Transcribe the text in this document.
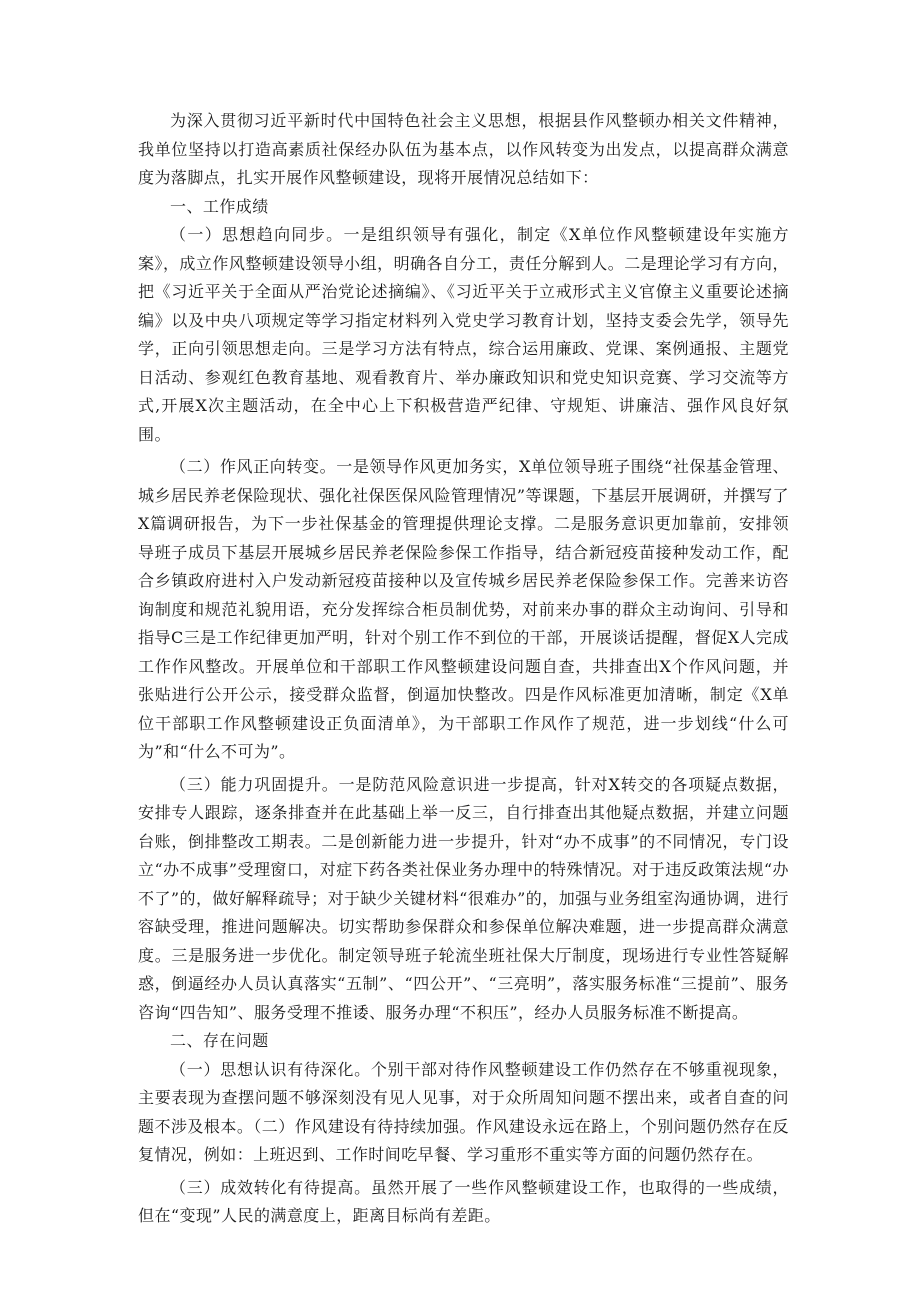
为深入贯彻习近平新时代中国特色社会主义思想，根据县作风整顿办相关文件精神，我单位坚持以打造高素质社保经办队伍为基本点，以作风转变为出发点，以提高群众满意度为落脚点，扎实开展作风整顿建设，现将开展情况总结如下：

一、工作成绩

（一）思想趋向同步。一是组织领导有强化，制定《X单位作风整顿建设年实施方案》，成立作风整顿建设领导小组，明确各自分工，责任分解到人。二是理论学习有方向，把《习近平关于全面从严治党论述摘编》、《习近平关于立戒形式主义官僚主义重要论述摘编》以及中央八项规定等学习指定材料列入党史学习教育计划，坚持支委会先学，领导先学，正向引领思想走向。三是学习方法有特点，综合运用廉政、党课、案例通报、主题党日活动、参观红色教育基地、观看教育片、举办廉政知识和党史知识竞赛、学习交流等方式,开展X次主题活动，在全中心上下积极营造严纪律、守规矩、讲廉洁、强作风良好氛围。

（二）作风正向转变。一是领导作风更加务实，X单位领导班子围绕“社保基金管理、城乡居民养老保险现状、强化社保医保风险管理情况”等课题，下基层开展调研，并撰写了X篇调研报告，为下一步社保基金的管理提供理论支撑。二是服务意识更加靠前，安排领导班子成员下基层开展城乡居民养老保险参保工作指导，结合新冠疫苗接种发动工作，配合乡镇政府进村入户发动新冠疫苗接种以及宣传城乡居民养老保险参保工作。完善来访咨询制度和规范礼貌用语，充分发挥综合柜员制优势，对前来办事的群众主动询问、引导和指导C三是工作纪律更加严明，针对个别工作不到位的干部，开展谈话提醒，督促X人完成工作作风整改。开展单位和干部职工作风整顿建设问题自查，共排查出X个作风问题，并张贴进行公开公示，接受群众监督，倒逼加快整改。四是作风标准更加清晰，制定《X单位干部职工作风整顿建设正负面清单》，为干部职工作风作了规范，进一步划线“什么可为”和“什么不可为”。

（三）能力巩固提升。一是防范风险意识进一步提高，针对X转交的各项疑点数据，安排专人跟踪，逐条排查并在此基础上举一反三，自行排查出其他疑点数据，并建立问题台账，倒排整改工期表。二是创新能力进一步提升，针对“办不成事”的不同情况，专门设立“办不成事”受理窗口，对症下药各类社保业务办理中的特殊情况。对于违反政策法规“办不了”的，做好解释疏导；对于缺少关键材料“很难办”的，加强与业务组室沟通协调，进行容缺受理，推进问题解决。切实帮助参保群众和参保单位解决难题，进一步提高群众满意度。三是服务进一步优化。制定领导班子轮流坐班社保大厅制度，现场进行专业性答疑解惑，倒逼经办人员认真落实“五制”、“四公开”、“三亮明”，落实服务标准“三提前”、服务咨询“四告知”、服务受理不推诿、服务办理“不积压”，经办人员服务标准不断提高。

二、存在问题

（一）思想认识有待深化。个别干部对待作风整顿建设工作仍然存在不够重视现象，主要表现为查摆问题不够深刻没有见人见事，对于众所周知问题不摆出来，或者自查的问题不涉及根本。（二）作风建设有待持续加强。作风建设永远在路上，个别问题仍然存在反复情况，例如：上班迟到、工作时间吃早餐、学习重形不重实等方面的问题仍然存在。

（三）成效转化有待提高。虽然开展了一些作风整顿建设工作，也取得的一些成绩，但在“变现”人民的满意度上，距离目标尚有差距。
